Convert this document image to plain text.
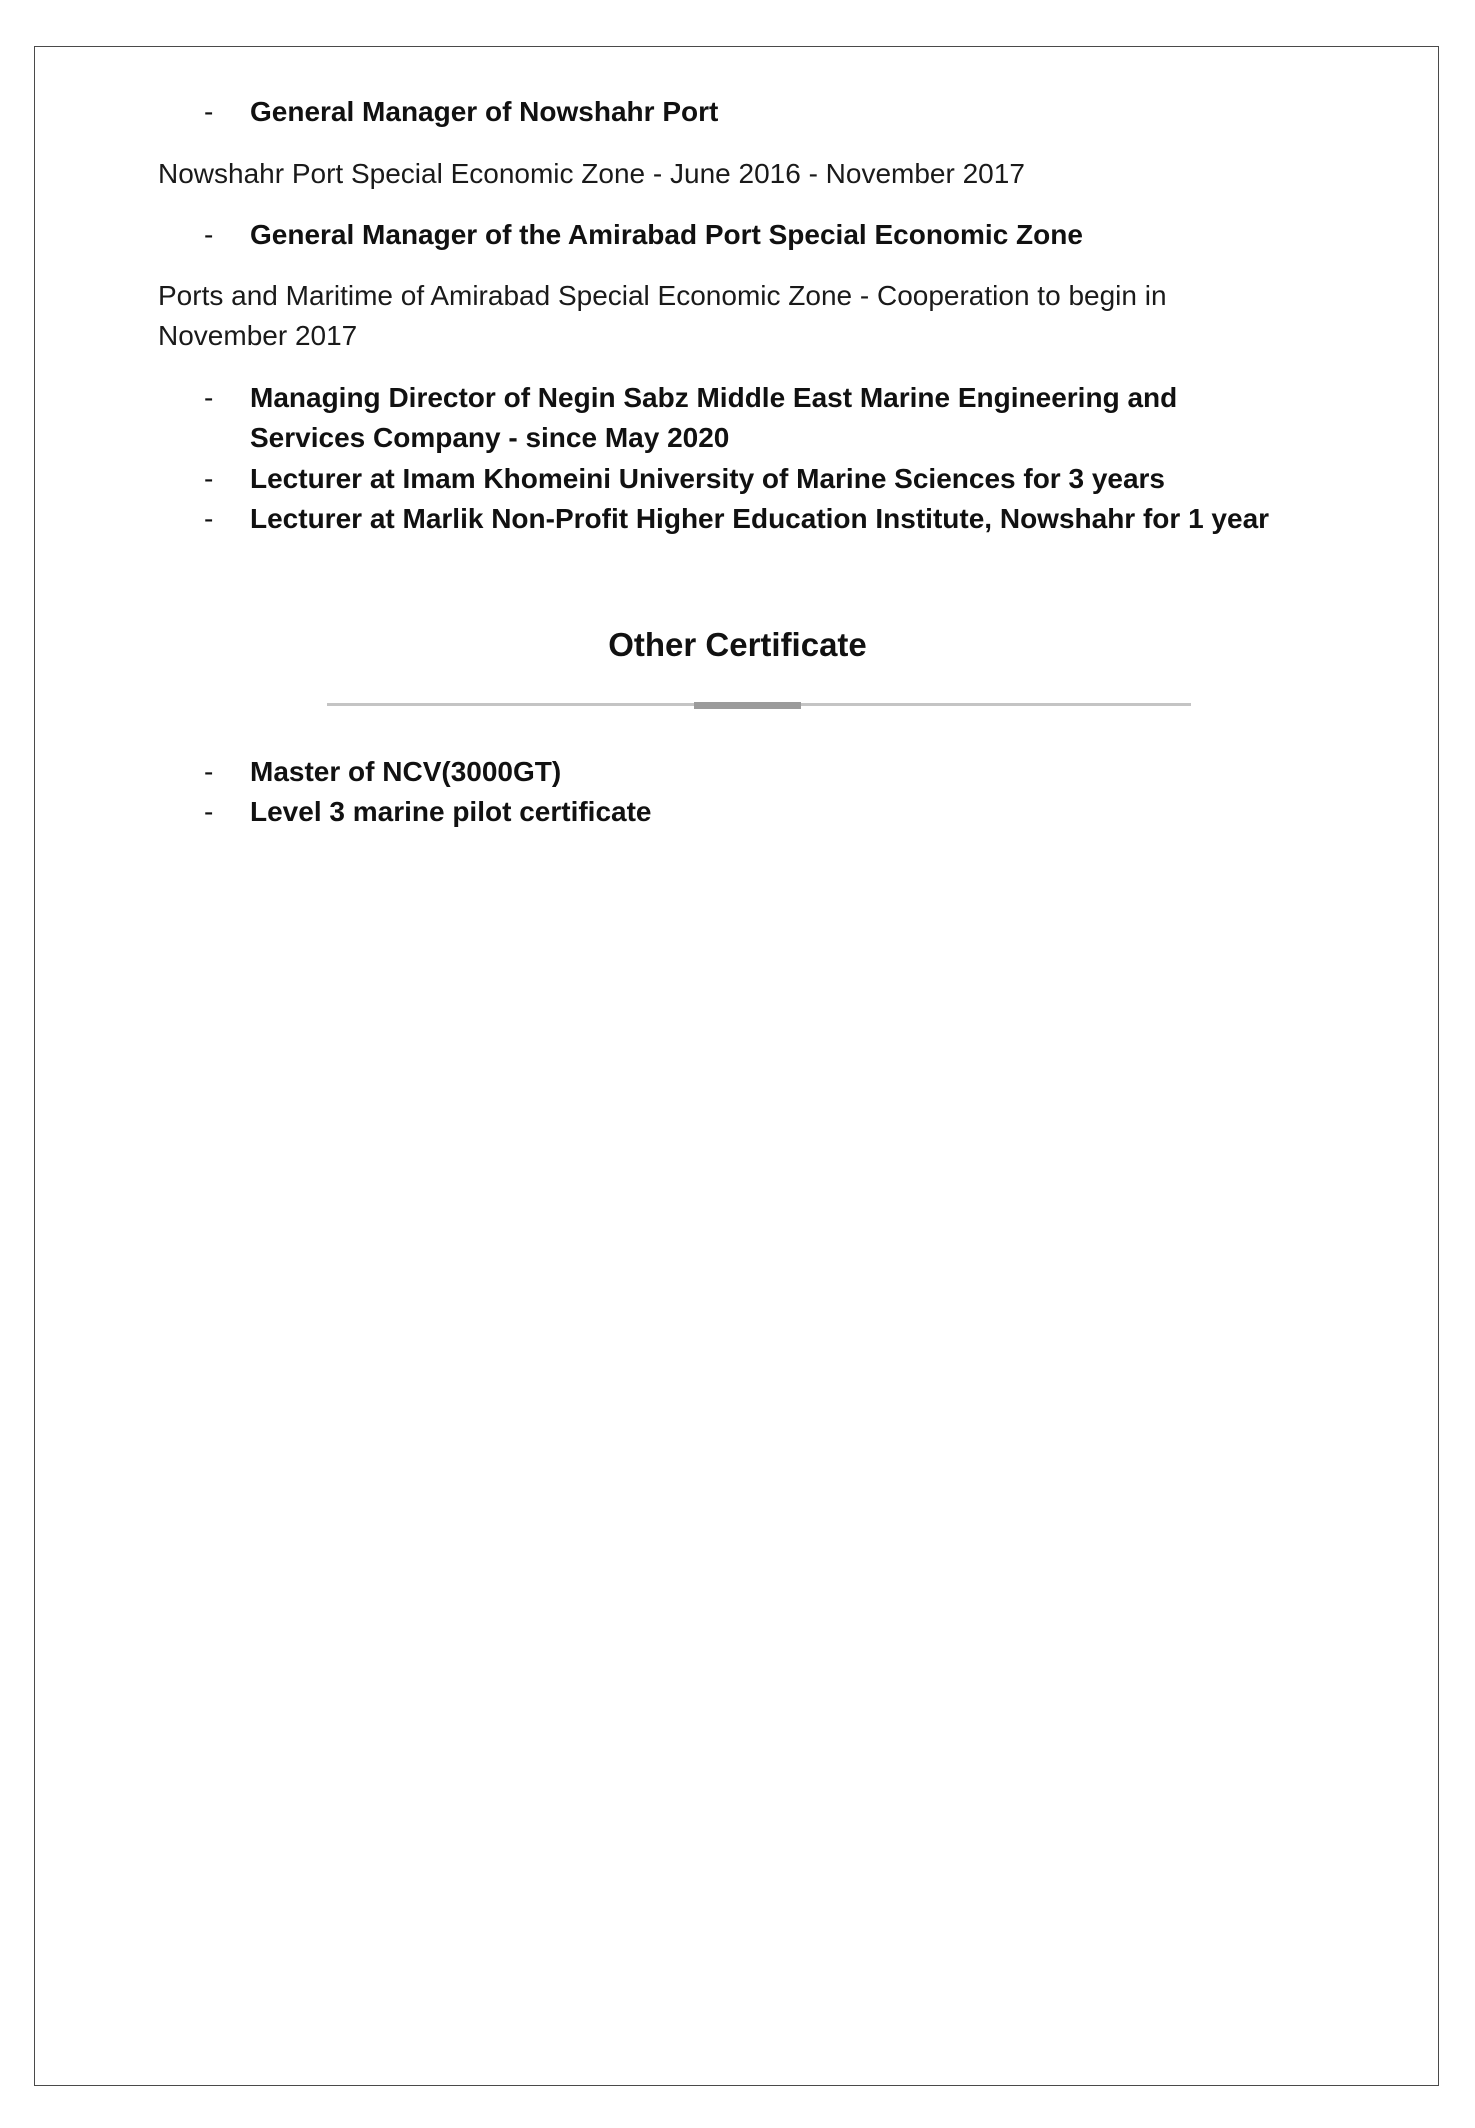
- General Manager of Nowshahr Port
Nowshahr Port Special Economic Zone - June 2016 - November 2017
- General Manager of the Amirabad Port Special Economic Zone
Ports and Maritime of Amirabad Special Economic Zone - Cooperation to begin in
November 2017
- Managing Director of Negin Sabz Middle East Marine Engineering and
Services Company - since May 2020
- Lecturer at Imam Khomeini University of Marine Sciences for 3 years
- Lecturer at Marlik Non-Profit Higher Education Institute, Nowshahr for 1 year
Other Certificate
- Master of NCV(3000GT)
- Level 3 marine pilot certificate
